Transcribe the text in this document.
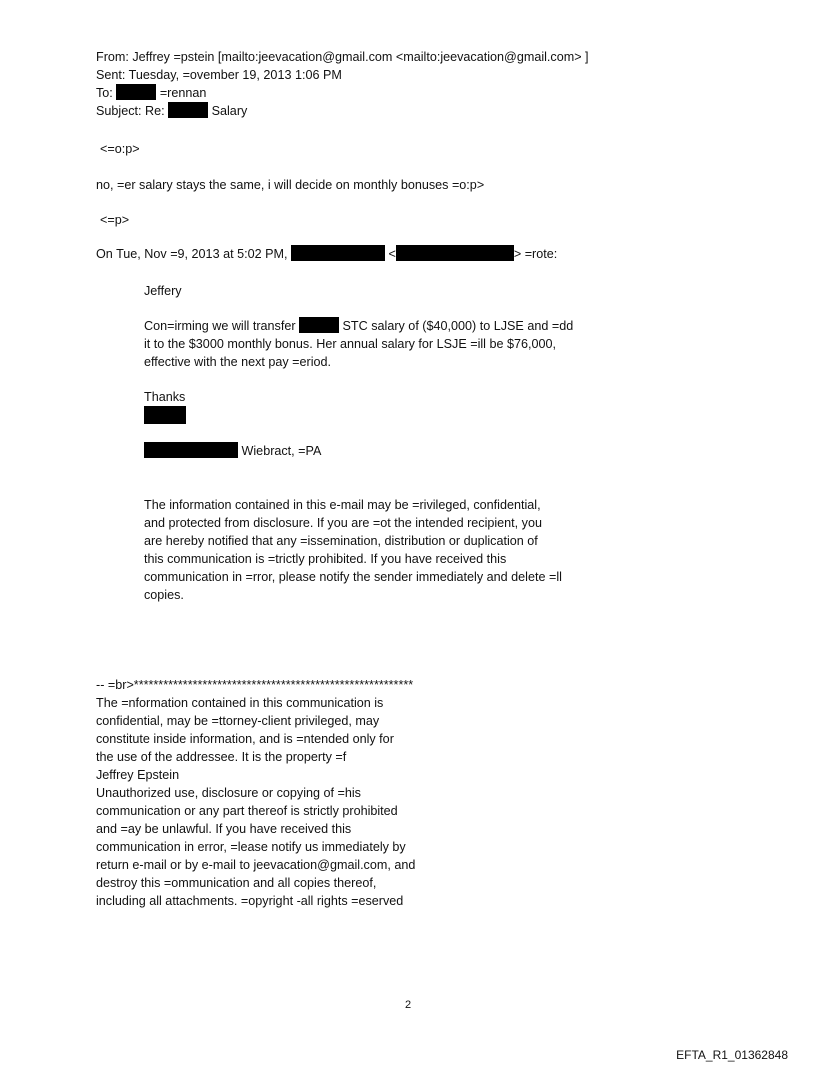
From: Jeffrey =pstein [mailto:jeevacation@gmail.com <mailto:jeevacation@gmail.com> ]
Sent: Tuesday, =ovember 19, 2013 1:06 PM
To:	=rennan
Subject: Re:	Salary
<=o:p>
no, =er salary stays the same, i will decide on monthly bonuses =o:p>
<=p>
On Tue, Nov =9, 2013 at 5:02 PM,	<	> =rote:
Jeffery
Con=irming we will transfer	STC salary of ($40,000) to LJSE and =dd
it to the $3000 monthly bonus. Her annual salary for LSJE =ill be $76,000,
effective with the next pay =eriod.
Thanks
Wiebract, =PA
The information contained in this e-mail may be =rivileged, confidential,
and protected from disclosure. If you are =ot the intended recipient, you
are hereby notified that any =issemination, distribution or duplication of
this communication is =trictly prohibited. If you have received this
communication in =rror, please notify the sender immediately and delete =ll
copies.
-- =br>*********************************************************
The =nformation contained in this communication is
confidential, may be =ttorney-client privileged, may
constitute inside information, and is =ntended only for
the use of the addressee. It is the property =f
Jeffrey Epstein
Unauthorized use, disclosure or copying of =his
communication or any part thereof is strictly prohibited
and =ay be unlawful. If you have received this
communication in error, =lease notify us immediately by
return e-mail or by e-mail to jeevacation@gmail.com, and
destroy this =ommunication and all copies thereof,
including all attachments. =opyright -all rights =eserved
2
EFTA_R1_01362848
